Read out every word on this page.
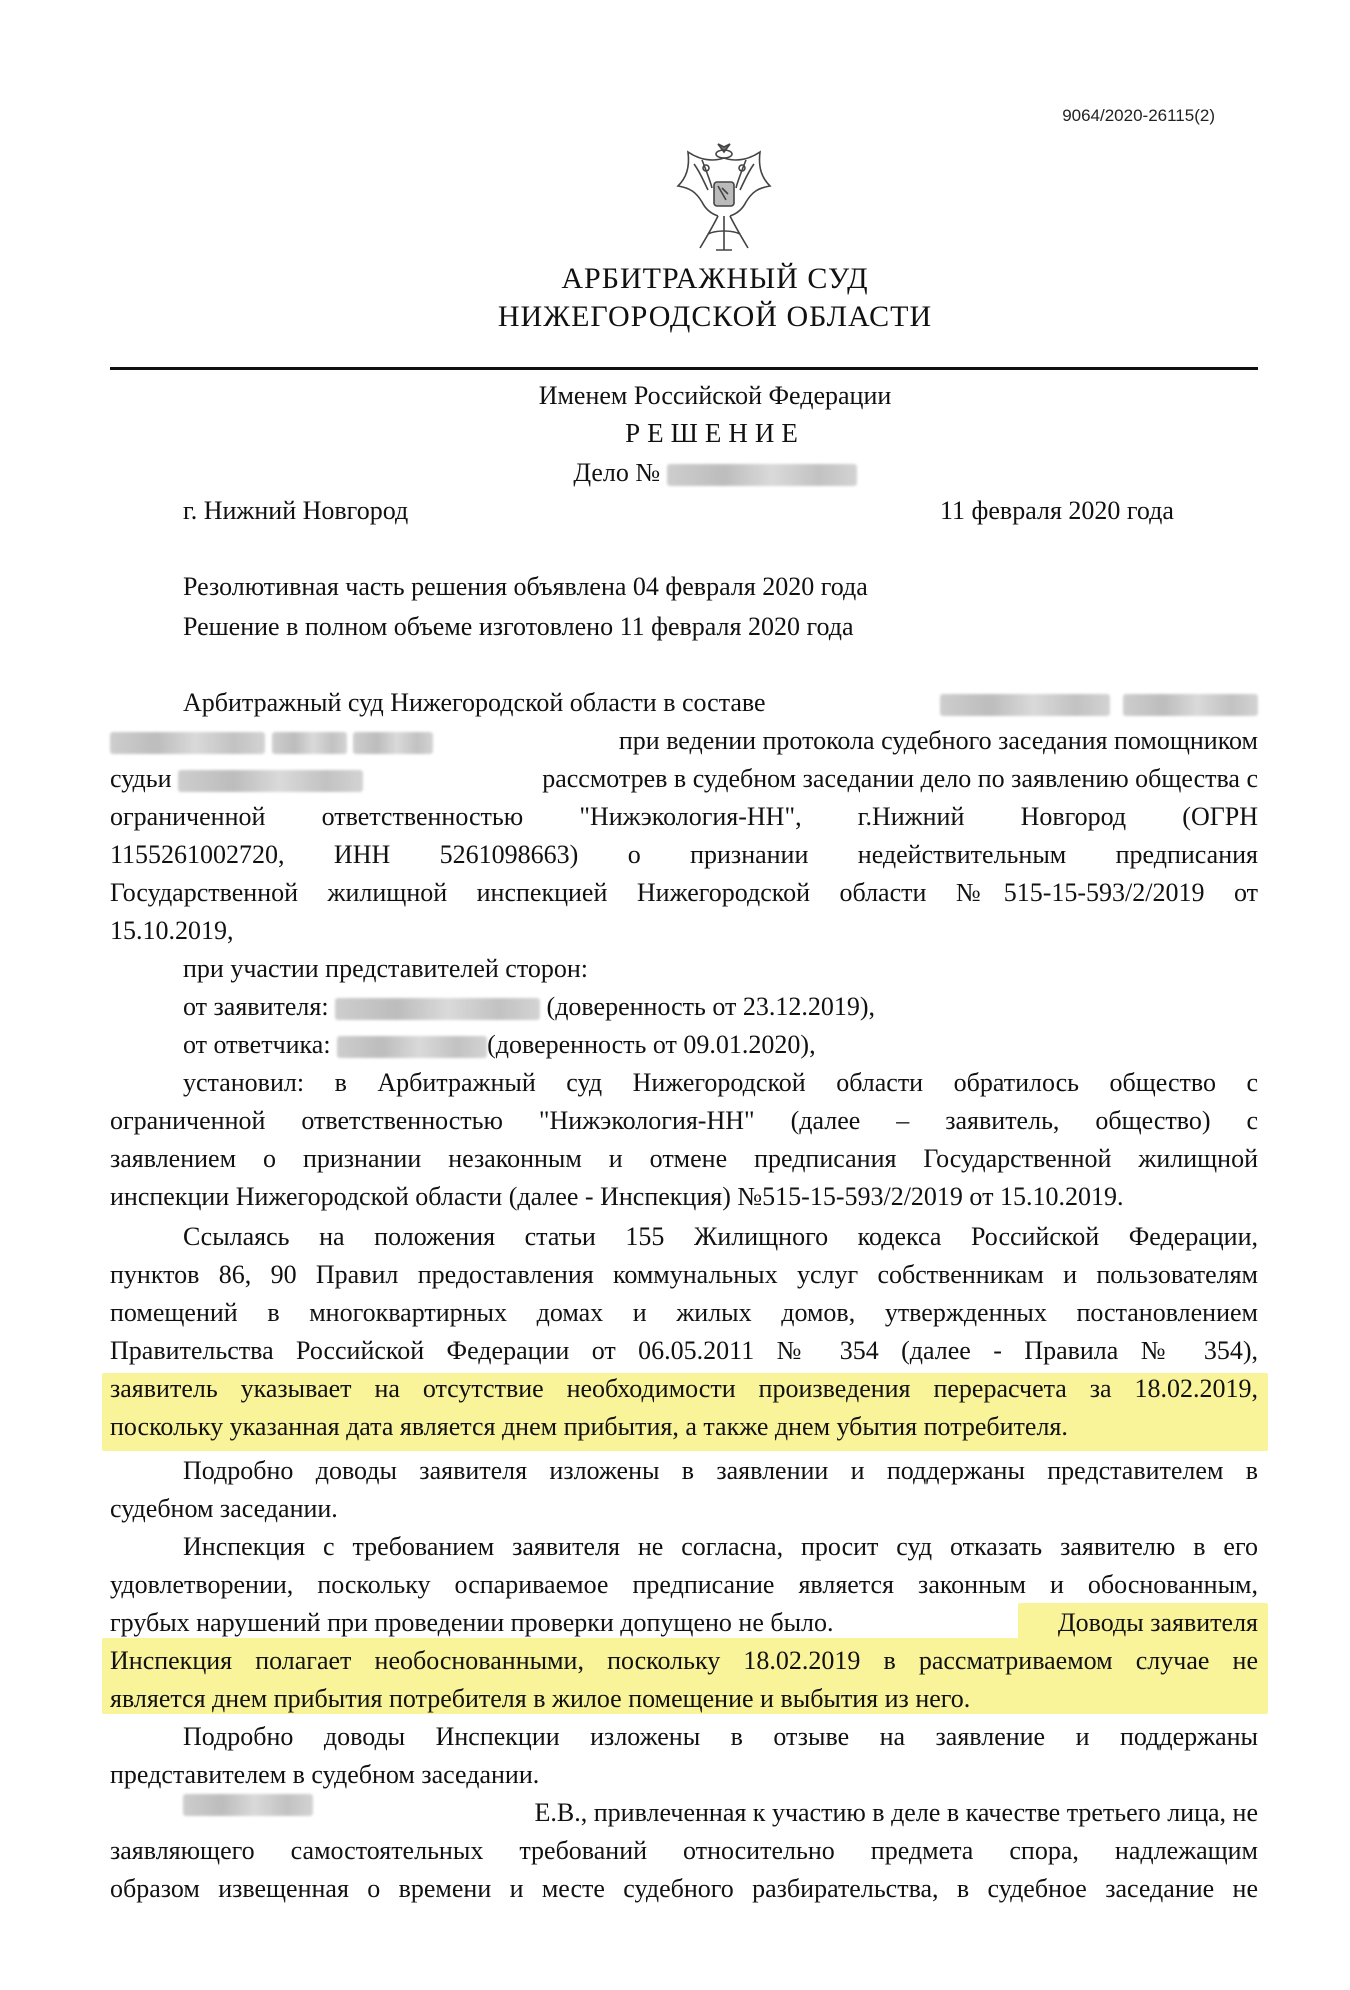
9064/2020-26115(2)
АРБИТРАЖНЫЙ СУД
НИЖЕГОРОДСКОЙ ОБЛАСТИ
Именем Российской Федерации
РЕШЕНИЕ
Дело №
г. Нижний Новгород	11 февраля 2020 года
Резолютивная часть решения объявлена 04 февраля 2020 года
Решение в полном объеме изготовлено 11 февраля 2020 года
Арбитражный суд Нижегородской области в составе

при ведении протокола судебного заседания помощником
судьи	рассмотрев в судебном заседании дело по заявлению общества с
ограниченной ответственностью "Нижэкология-НН", г.Нижний Новгород (ОГРН
1155261002720, ИНН 5261098663) о признании недействительным предписания
Государственной жилищной инспекцией Нижегородской области №515-15-593/2/2019 от
15.10.2019,
при участии представителей сторон:
от заявителя:	(доверенность от 23.12.2019),
от ответчика:	(доверенность от 09.01.2020),
установил: в Арбитражный суд Нижегородской области обратилось общество с
ограниченной ответственностью "Нижэкология-НН" (далее – заявитель, общество) с
заявлением о признании незаконным и отмене предписания Государственной жилищной
инспекции Нижегородской области (далее - Инспекция) №515-15-593/2/2019 от 15.10.2019.
Ссылаясь на положения статьи 155 Жилищного кодекса Российской Федерации,
пунктов 86, 90 Правил предоставления коммунальных услуг собственникам и пользователям
помещений в многоквартирных домах и жилых домов, утвержденных постановлением
Правительства Российской Федерации от 06.05.2011 № 354 (далее - Правила № 354),
заявитель указывает на отсутствие необходимости произведения перерасчета за 18.02.2019,
поскольку указанная дата является днем прибытия, а также днем убытия потребителя.
Подробно доводы заявителя изложены в заявлении и поддержаны представителем в
судебном заседании.
Инспекция с требованием заявителя не согласна, просит суд отказать заявителю в его
удовлетворении, поскольку оспариваемое предписание является законным и обоснованным,
грубых нарушений при проведении проверки допущено не было.	Доводы заявителя
Инспекция полагает необоснованными, поскольку 18.02.2019 в рассматриваемом случае не
является днем прибытия потребителя в жилое помещение и выбытия из него.
Подробно доводы Инспекции изложены в отзыве на заявление и поддержаны
представителем в судебном заседании.
Е.В., привлеченная к участию в деле в качестве третьего лица, не
заявляющего самостоятельных требований относительно предмета спора, надлежащим
образом извещенная о времени и месте судебного разбирательства, в судебное заседание не
